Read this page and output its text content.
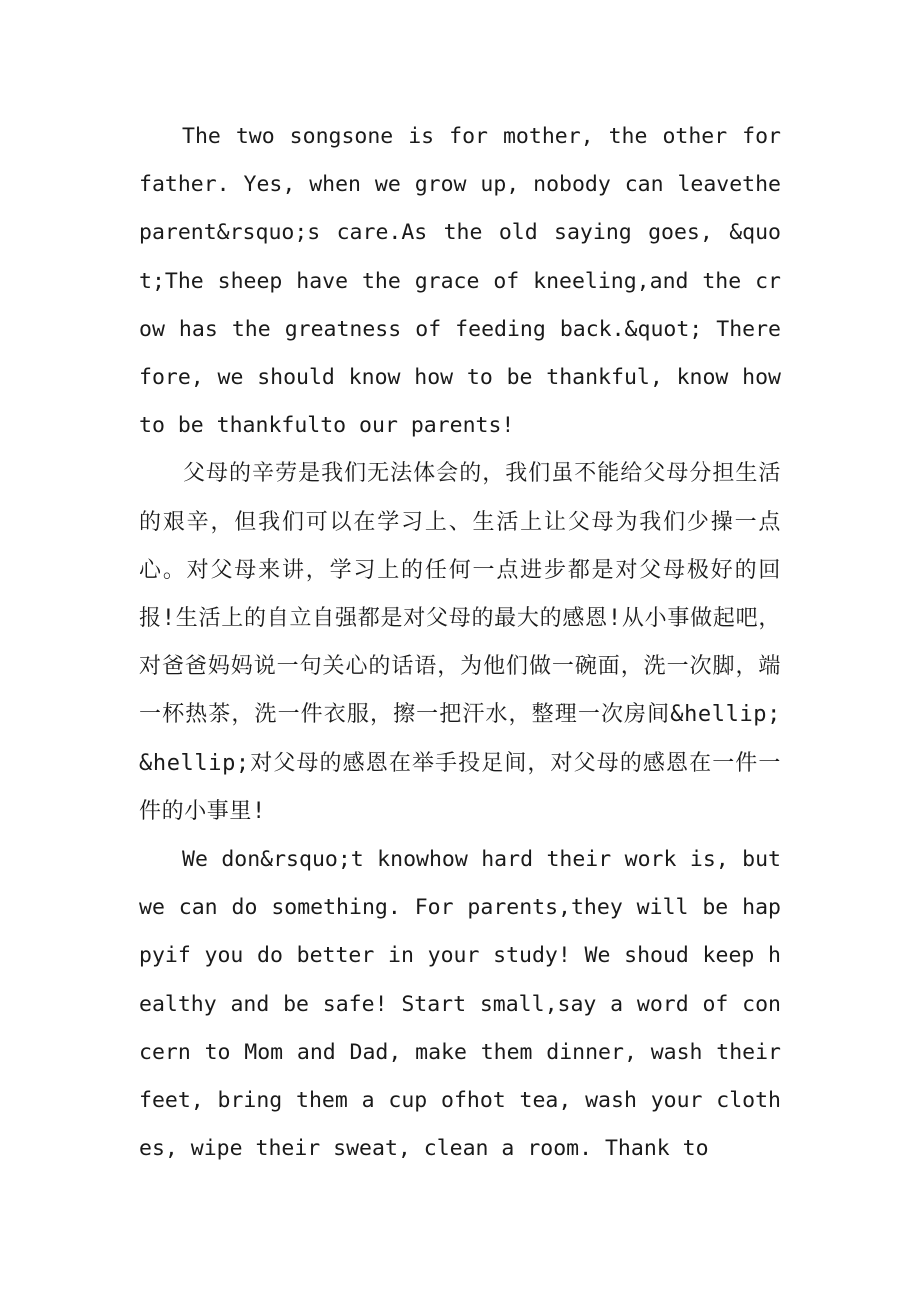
The two songsone is for mother, the other for father. Yes, when we grow up, nobody can leavethe parent&rsquo;s care.As the old saying goes, &quot;The sheep have the grace of kneeling,and the crow has the greatness of feeding back.&quot; Therefore, we should know how to be thankful, know how to be thankfulto our parents!

父母的辛劳是我们无法体会的，我们虽不能给父母分担生活的艰辛，但我们可以在学习上、生活上让父母为我们少操一点心。对父母来讲，学习上的任何一点进步都是对父母极好的回报!生活上的自立自强都是对父母的最大的感恩!从小事做起吧，对爸爸妈妈说一句关心的话语，为他们做一碗面，洗一次脚，端一杯热茶，洗一件衣服，擦一把汗水，整理一次房间&hellip;&hellip;对父母的感恩在举手投足间，对父母的感恩在一件一件的小事里!

We don&rsquo;t knowhow hard their work is, but we can do something. For parents,they will be happyif you do better in your study! We shoud keep healthy and be safe! Start small,say a word of concern to Mom and Dad, make them dinner, wash their feet, bring them a cup ofhot tea, wash your clothes, wipe their sweat, clean a room. Thank to
